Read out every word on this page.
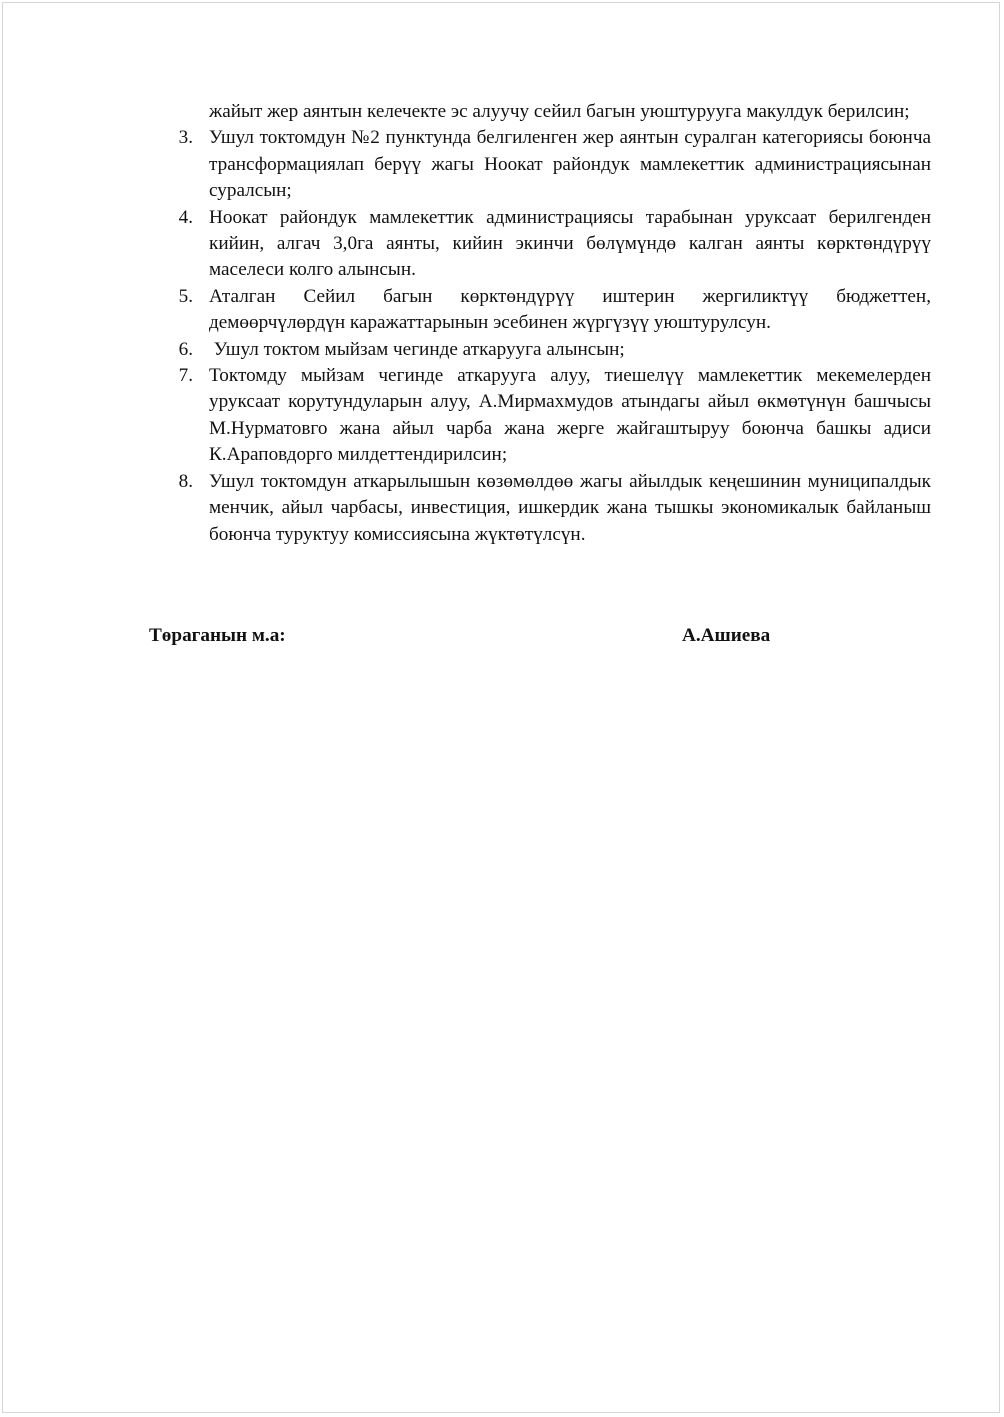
жайыт жер аянтын келечекте эс алуучу сейил багын уюштурууга макулдук берилсин;
3. Ушул токтомдун №2 пунктунда белгиленген жер аянтын суралган категориясы боюнча трансформациялап берүү жагы Ноокат райондук мамлекеттик администрациясынан суралсын;
4. Ноокат райондук мамлекеттик администрациясы тарабынан уруксаат берилгенден кийин, алгач 3,0га аянты, кийин экинчи бөлүмүндө калган аянты көрктөндүрүү маселеси колго алынсын.
5. Аталган Сейил багын көрктөндүрүү иштерин жергиликтүү бюджеттен, демөөрчүлөрдүн каражаттарынын эсебинен жүргүзүү уюштурулсун.
6. Ушул токтом мыйзам чегинде аткарууга алынсын;
7. Токтомду мыйзам чегинде аткарууга алуу, тиешелүү мамлекеттик мекемелерден уруксаат корутундуларын алуу, А.Мирмахмудов атындагы айыл өкмөтүнүн башчысы М.Нурматовго жана айыл чарба жана жерге жайгаштыруу боюнча башкы адиси К.Араповдорго милдеттендирилсин;
8. Ушул токтомдун аткарылышын көзөмөлдөө жагы айылдык кеңешинин муниципалдык менчик, айыл чарбасы, инвестиция, ишкердик жана тышкы экономикалык байланыш боюнча туруктуу комиссиясына жүктөтүлсүн.
Төраганын м.а:	А.Ашиева
